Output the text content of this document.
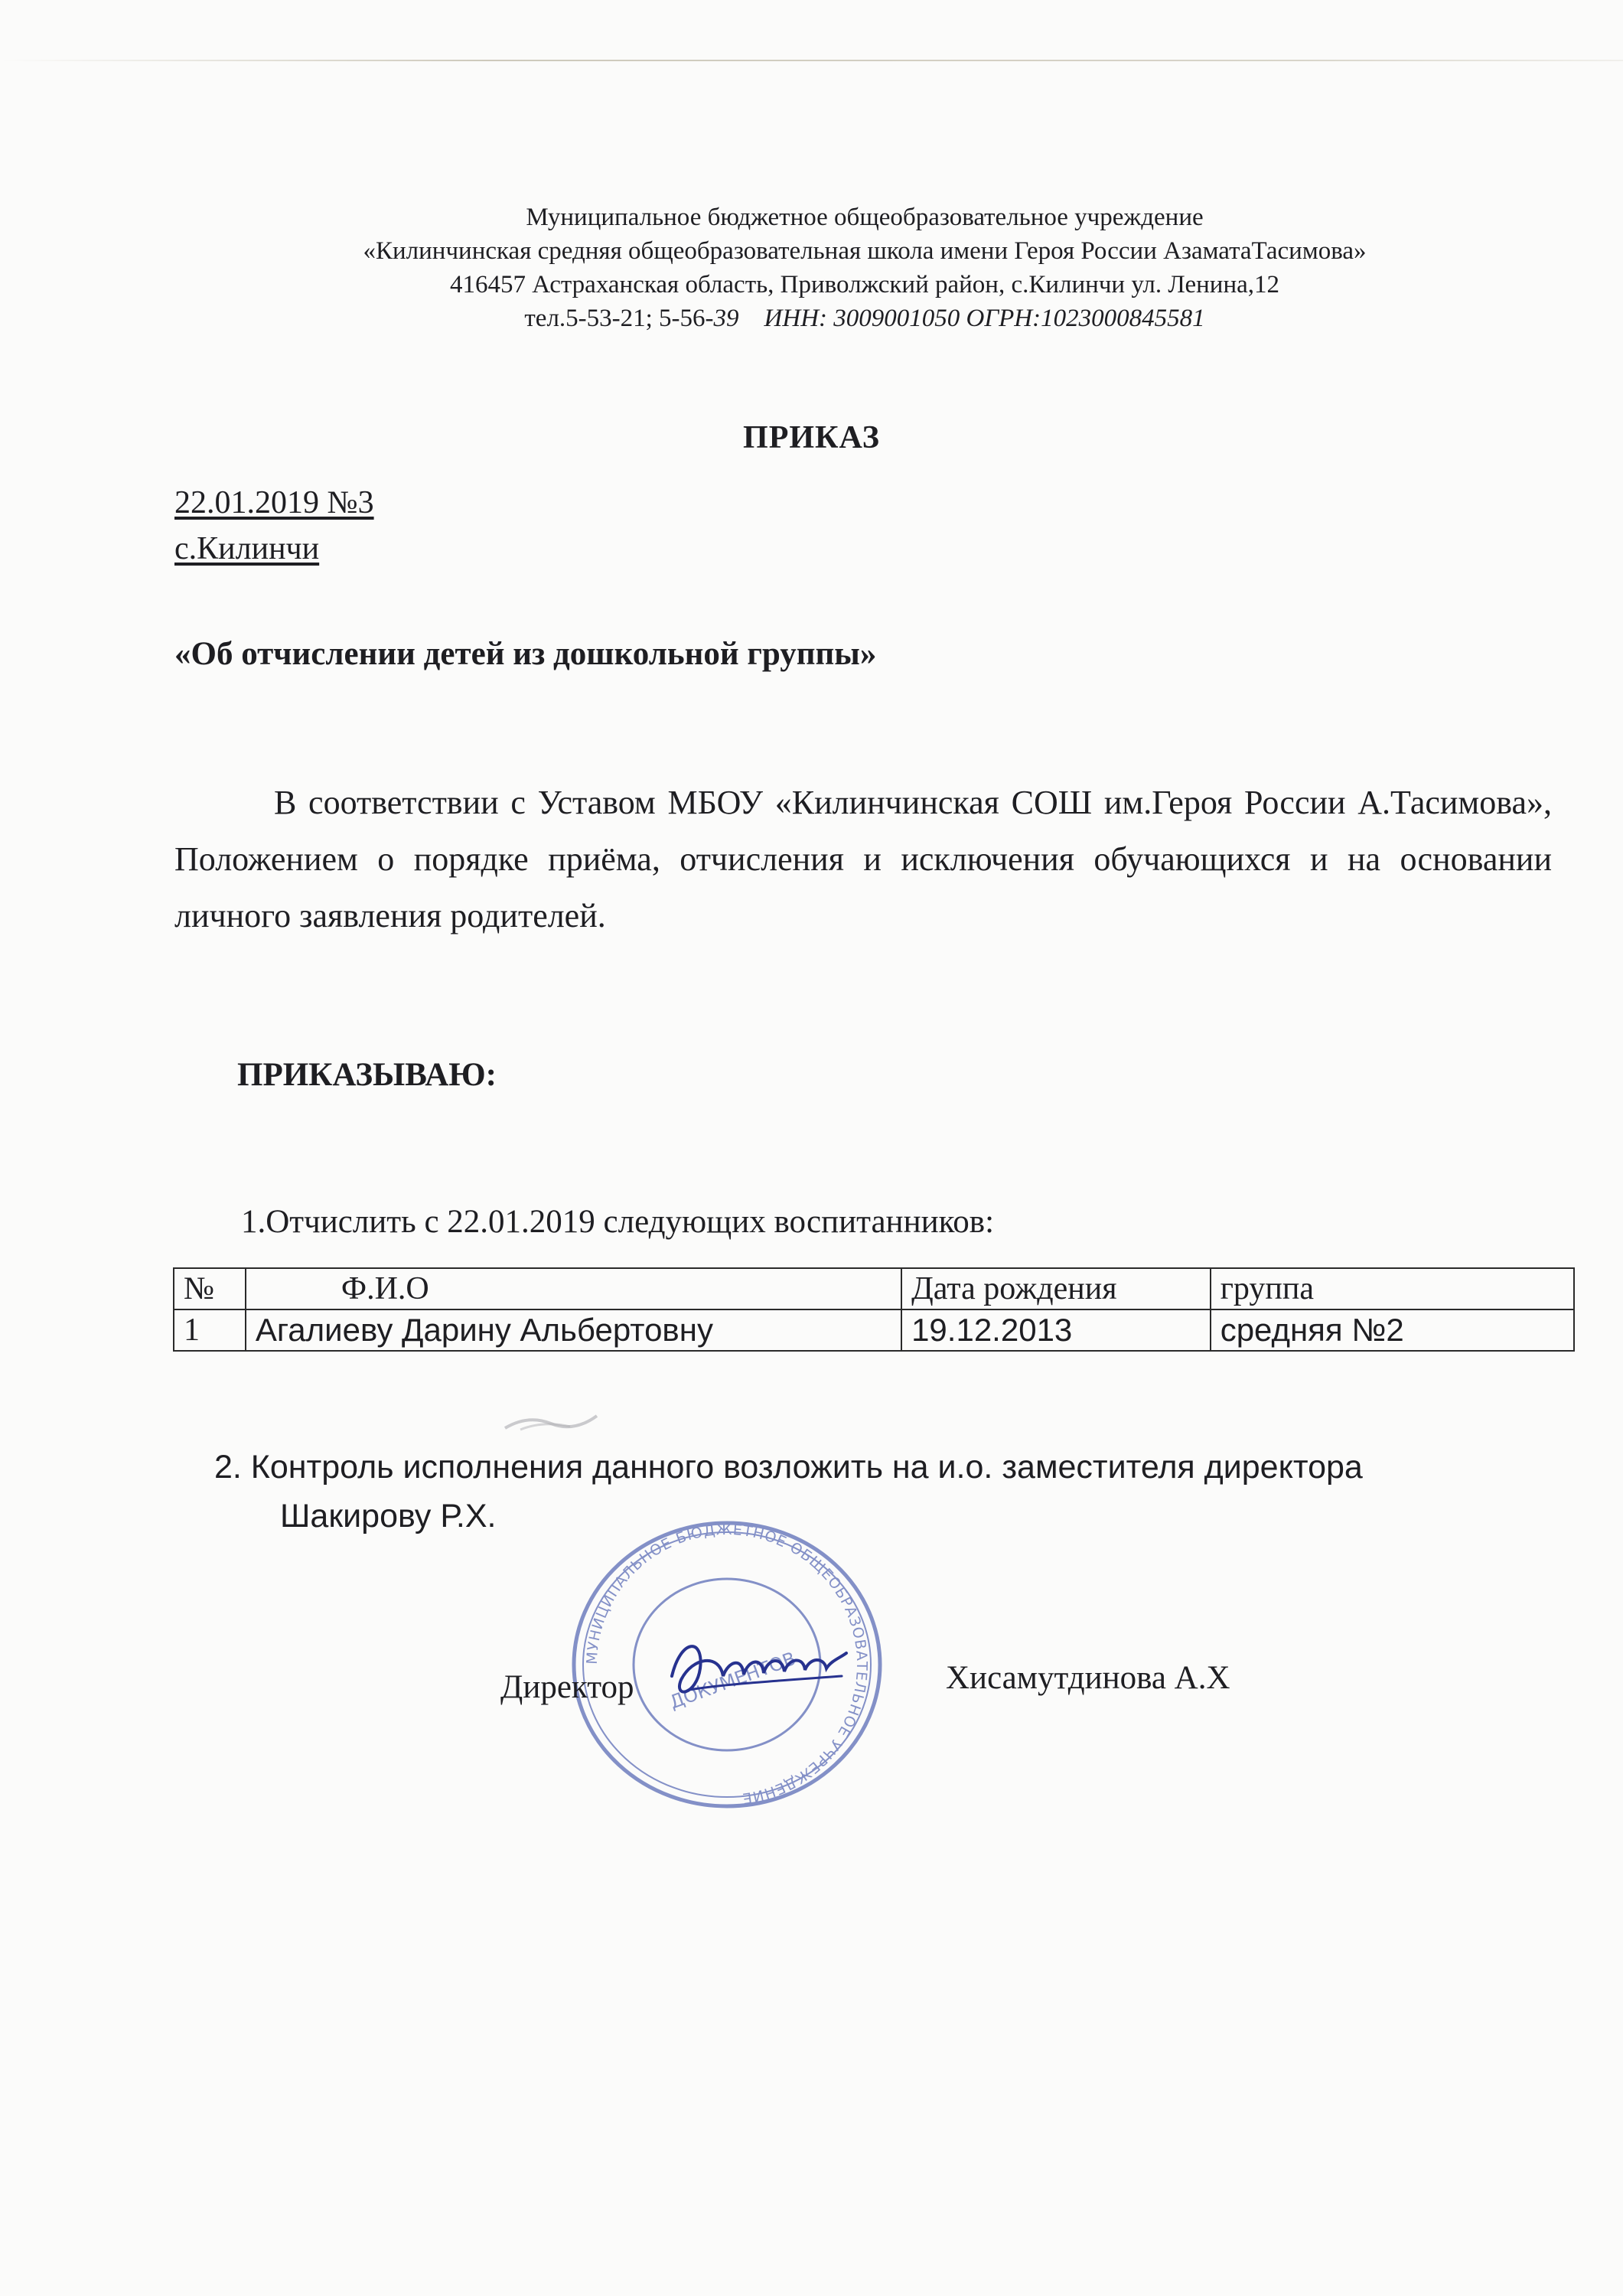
Муниципальное бюджетное общеобразовательное учреждение
«Килинчинская средняя общеобразовательная школа имени Героя России АзаматаТасимова»
416457 Астраханская область, Приволжский район, с.Килинчи ул. Ленина,12
тел.5-53-21; 5-56-39 ИНН: 3009001050 ОГРН:1023000845581
ПРИКАЗ
22.01.2019 №3
с.Килинчи
«Об отчислении детей из дошкольной группы»
В соответствии с Уставом МБОУ «Килинчинская СОШ им.Героя России А.Тасимова», Положением о порядке приёма, отчисления и исключения обучающихся и на основании личного заявления родителей.
ПРИКАЗЫВАЮ:
1.Отчислить с 22.01.2019 следующих воспитанников:
№	Ф.И.О	Дата рождения	группа
1	Агалиеву Дарину Альбертовну	19.12.2013	средняя №2
2. Контроль исполнения данного возложить на и.о. заместителя директора
Шакирову Р.Х.
МУНИЦИПАЛЬНОЕ БЮДЖЕТНОЕ ОБЩЕОБРАЗОВАТЕЛЬНОЕ УЧРЕЖДЕНИЕ
ДОКУМЕНТОВ
Директор	Хисамутдинова А.Х
